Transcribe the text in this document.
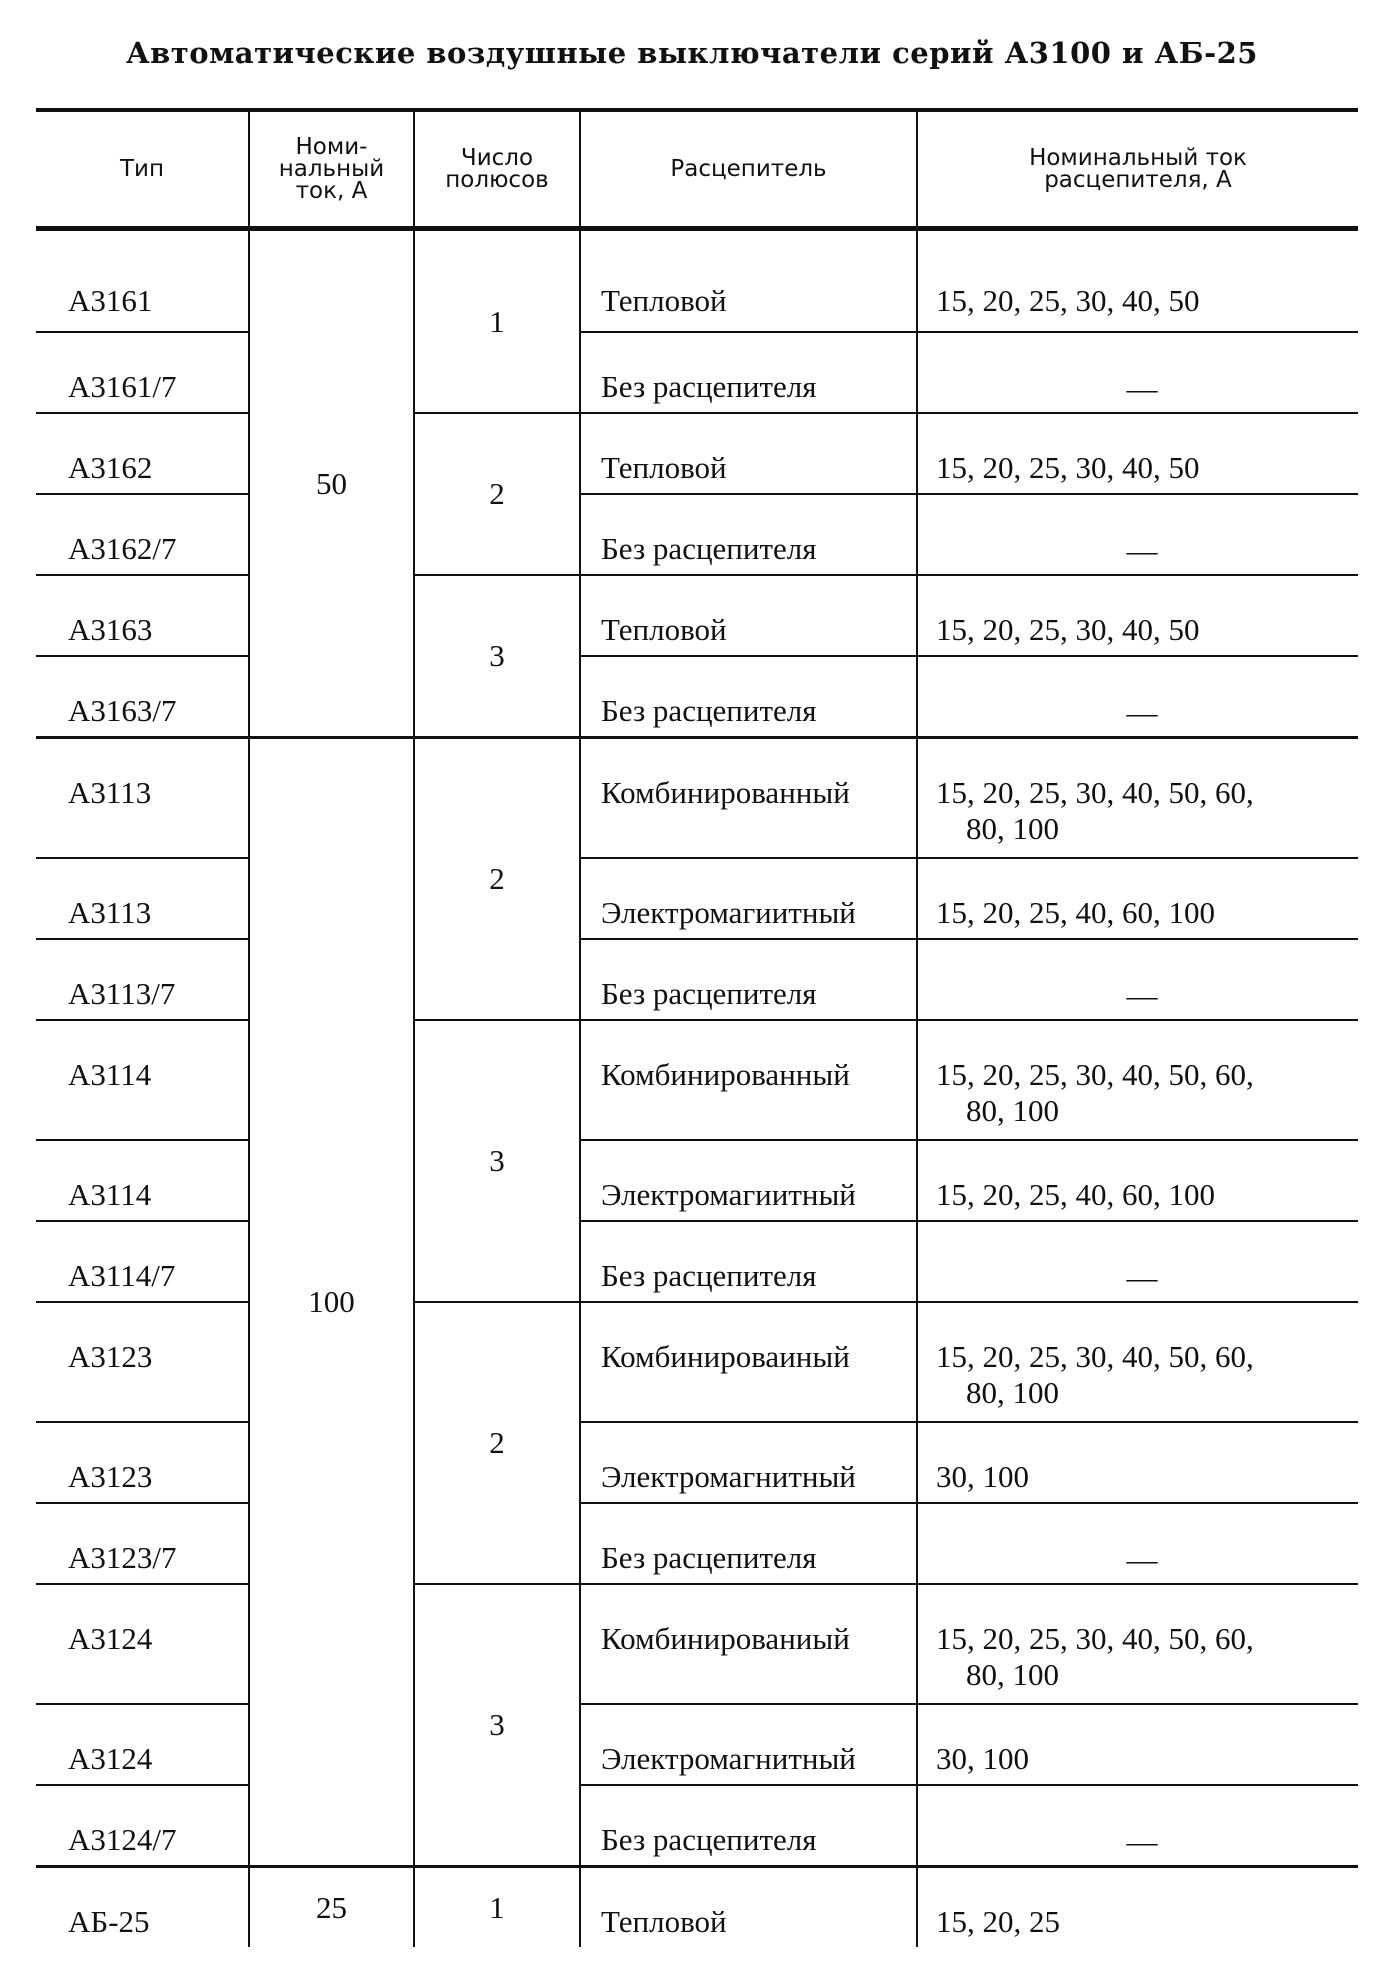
Автоматические воздушные выключатели серий А3100 и АБ-25
Тип	Номи-
нальный
ток, А	Число
полюсов	Расцепитель	Номинальный ток
расцепителя, А
А3161	50	1	Тепловой	15, 20, 25, 30, 40, 50
А3161/7			Без расцепителя	—

А3162		2	Тепловой	15, 20, 25, 30, 40, 50
А3162/7			Без расцепителя	—

А3163		3	Тепловой	15, 20, 25, 30, 40, 50
А3163/7			Без расцепителя	—

А3113	100	2	Комбинированный	15, 20, 25, 30, 40, 50, 60,
80, 100

А3113			Электромагиитный	15, 20, 25, 40, 60, 100
А3113/7			Без расцепителя	—

А3114		3	Комбинированный	15, 20, 25, 30, 40, 50, 60,
80, 100

А3114			Электромагиитный	15, 20, 25, 40, 60, 100
А3114/7			Без расцепителя	—

А3123		2	Комбинироваиный	15, 20, 25, 30, 40, 50, 60,
80, 100

А3123			Электромагнитный	30, 100
А3123/7			Без расцепителя	—

А3124		3	Комбинированиый	15, 20, 25, 30, 40, 50, 60,
80, 100

А3124			Электромагнитный	30, 100
А3124/7			Без расцепителя	—

АБ-25	25	1	Тепловой	15, 20, 25
